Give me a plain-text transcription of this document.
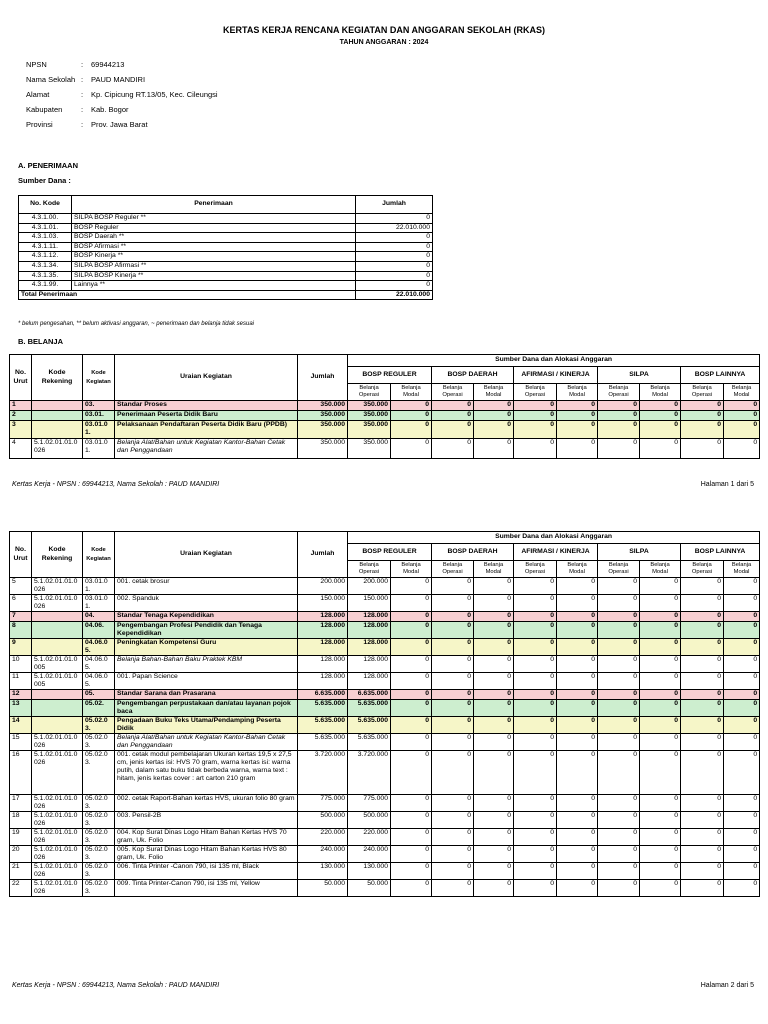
KERTAS KERJA RENCANA KEGIATAN DAN ANGGARAN SEKOLAH (RKAS)
TAHUN ANGGARAN : 2024
NPSN	:	69944213
Nama Sekolah :	PAUD MANDIRI
Alamat	:	Kp. Cipicung RT.13/05, Kec. Cileungsi
Kabupaten	:	Kab. Bogor
Provinsi	:	Prov. Jawa Barat
A. PENERIMAAN
Sumber Dana :
No. Kode	Penerimaan	Jumlah
4.3.1.00.	SILPA BOSP Reguler **	0
4.3.1.01.	BOSP Reguler	22.010.000
4.3.1.03.	BOSP Daerah **	0
4.3.1.11.	BOSP Afirmasi **	0
4.3.1.12.	BOSP Kinerja **	0
4.3.1.34.	SILPA BOSP Afirmasi **	0
4.3.1.35.	SILPA BOSP Kinerja **	0
4.3.1.99.	Lainnya **	0
Total Penerimaan		22.010.000
* belum pengesahan, ** belum aktivasi anggaran, ~ penerimaan dan belanja tidak sesuai
B. BELANJA
No. Urut	Kode Rekening	Kode Kegiatan	Uraian Kegiatan	Jumlah	Sumber Dana dan Alokasi Anggaran									
					BOSP REGULER		BOSP DAERAH		AFIRMASI / KINERJA		SILPA		BOSP LAINNYA	
					Belanja Operasi	Belanja Modal	Belanja Operasi	Belanja Modal	Belanja Operasi	Belanja Modal	Belanja Operasi	Belanja Modal	Belanja Operasi	Belanja Modal
1		03.	Standar Proses	350.000	350.000	0	0	0	0	0	0	0	0	0
2		03.01.	Penerimaan Peserta Didik Baru	350.000	350.000	0	0	0	0	0	0	0	0	0
3		03.01.01.	Pelaksanaan Pendaftaran Peserta Didik Baru (PPDB)	350.000	350.000	0	0	0	0	0	0	0	0	0
4	5.1.02.01.01.0026	03.01.01.	Belanja Alat/Bahan untuk Kegiatan Kantor-Bahan Cetak dan Penggandaan	350.000	350.000	0	0	0	0	0	0	0	0	0
Kertas Kerja - NPSN : 69944213, Nama Sekolah : PAUD MANDIRI	Halaman 1 dari 5
No. Urut	Kode Rekening	Kode Kegiatan	Uraian Kegiatan	Jumlah	Sumber Dana dan Alokasi Anggaran									
					BOSP REGULER		BOSP DAERAH		AFIRMASI / KINERJA		SILPA		BOSP LAINNYA	
					Belanja Operasi	Belanja Modal	Belanja Operasi	Belanja Modal	Belanja Operasi	Belanja Modal	Belanja Operasi	Belanja Modal	Belanja Operasi	Belanja Modal
5	5.1.02.01.01.0026	03.01.01.	001. cetak brosur	200.000	200.000	0	0	0	0	0	0	0	0	0
6	5.1.02.01.01.0026	03.01.01.	002. Spanduk	150.000	150.000	0	0	0	0	0	0	0	0	0
7		04.	Standar Tenaga Kependidikan	128.000	128.000	0	0	0	0	0	0	0	0	0
8		04.06.	Pengembangan Profesi Pendidik dan Tenaga Kependidikan	128.000	128.000	0	0	0	0	0	0	0	0	0
9		04.06.05.	Peningkatan Kompetensi Guru	128.000	128.000	0	0	0	0	0	0	0	0	0
10	5.1.02.01.01.0005	04.06.05.	Belanja Bahan-Bahan Baku Praktek KBM	128.000	128.000	0	0	0	0	0	0	0	0	0
11	5.1.02.01.01.0005	04.06.05.	001. Papan Science	128.000	128.000	0	0	0	0	0	0	0	0	0
12		05.	Standar Sarana dan Prasarana	6.635.000	6.635.000	0	0	0	0	0	0	0	0	0
13		05.02.	Pengembangan perpustakaan dan/atau layanan pojok baca	5.635.000	5.635.000	0	0	0	0	0	0	0	0	0
14		05.02.03.	Pengadaan Buku Teks Utama/Pendamping Peserta Didik	5.635.000	5.635.000	0	0	0	0	0	0	0	0	0
15	5.1.02.01.01.0026	05.02.03.	Belanja Alat/Bahan untuk Kegiatan Kantor-Bahan Cetak dan Penggandaan	5.635.000	5.635.000	0	0	0	0	0	0	0	0	0
16	5.1.02.01.01.0026	05.02.03.	001. cetak modul pembelajaran Ukuran kertas 19,5 x 27,5 cm, jenis kertas isi: HVS 70 gram, warna kertas isi: warna putih, dalam satu buku tidak berbeda warna, warna text : hitam, jenis kertas cover : art carton 210 gram	3.720.000	3.720.000	0	0	0	0	0	0	0	0	0
17	5.1.02.01.01.0026	05.02.03.	002. cetak Raport-Bahan kertas HVS, ukuran folio 80 gram	775.000	775.000	0	0	0	0	0	0	0	0	0
18	5.1.02.01.01.0026	05.02.03.	003. Pensil-2B	500.000	500.000	0	0	0	0	0	0	0	0	0
19	5.1.02.01.01.0026	05.02.03.	004. Kop Surat Dinas Logo Hitam Bahan Kertas HVS 70 gram, Uk. Folio	220.000	220.000	0	0	0	0	0	0	0	0	0
20	5.1.02.01.01.0026	05.02.03.	005. Kop Surat Dinas Logo Hitam Bahan Kertas HVS 80 gram, Uk. Folio	240.000	240.000	0	0	0	0	0	0	0	0	0
21	5.1.02.01.01.0026	05.02.03.	006. Tinta Printer -Canon 790, isi 135 ml, Black	130.000	130.000	0	0	0	0	0	0	0	0	0
22	5.1.02.01.01.0026	05.02.03.	009. Tinta Printer-Canon 790, isi 135 ml, Yellow	50.000	50.000	0	0	0	0	0	0	0	0	0
Kertas Kerja - NPSN : 69944213, Nama Sekolah : PAUD MANDIRI	Halaman 2 dari 5
